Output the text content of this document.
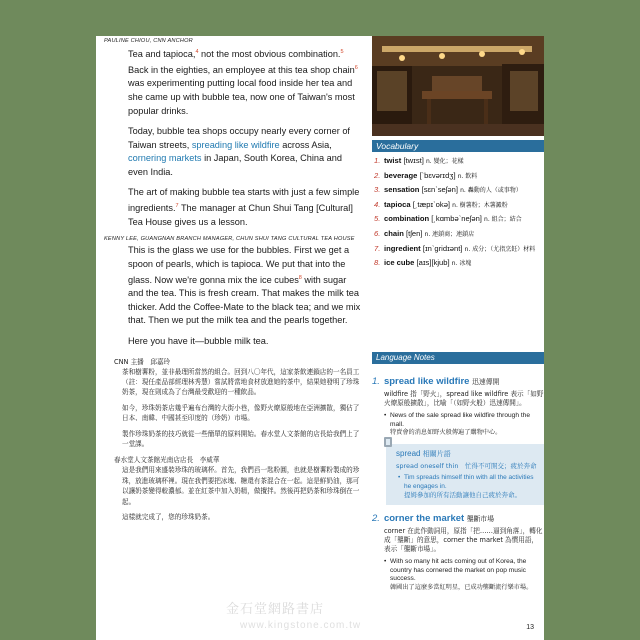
PAULINE CHIOU, CNN ANCHOR

Tea and tapioca,$^4$ not the most obvious combination.$^5$ Back in the eighties, an employee at this tea shop chain$^6$ was experimenting putting local food inside her tea and she came up with bubble tea, now one of Taiwan's most popular drinks.

Today, bubble tea shops occupy nearly every corner of Taiwan streets, spreading like wildfire across Asia, cornering markets in Japan, South Korea, China and even India.

The art of making bubble tea starts with just a few simple ingredients.$^7$ The manager at Chun Shui Tang [Cultural] Tea House gives us a lesson.

KENNY LEE, GUANGNAN BRANCH MANAGER, CHUN SHUI TANG CULTURAL TEA HOUSE

This is the glass we use for the bubbles. First we get a spoon of pearls, which is tapioca. We put that into the glass. Now we're gonna mix the ice cubes$^8$ with sugar and the tea. This is fresh cream. That makes the milk tea thicker. Add the Coffee-Mate to the black tea; and we mix that. Then we put the milk tea and the pearls together.

Here you have it—bubble milk tea.

CNN 主播　邱嘉玲

茶和樹薯粉，並非最理所當然的組合。回到八〇年代，這家茶飲連鎖店的一名員工（註：現任產品部經理林秀慧）嘗試將當地食材放進她的茶中，結果她發明了珍珠奶茶，現在則成為了台灣最受歡迎的一種飲品。

如今，珍珠奶茶店幾乎遍布台灣的大街小巷，像野火燎原般地在亞洲擴散，獨佔了日本、南韓、中國甚至印度的（珍奶）市場。

製作珍珠奶茶的技巧就從一些簡單的原料開始。春水堂人文茶館的店長給我們上了一堂課。

春水堂人文茶館光南店店長　李威華

這是我們用來盛裝珍珠的玻璃杯。首先，我們舀一匙粉圓，也就是樹薯粉製成的珍珠，放進玻璃杯裡。現在我們要把冰塊、糖還有茶混合在一起。這是鮮奶油，那可以讓奶茶變得較濃郁。並在紅茶中加入奶精，做攪拌。然後再把奶茶和珍珠倒在一起。

這樣就完成了，您的珍珠奶茶。

Vocabulary
1. twist [twɪst] n. 變化；花樣
2. beverage [ˋbɛvərɪdʒ] n. 飲料
3. sensation [sɛnˋseʃən] n. 轟動的人（或事物）
4. tapioca [͵tæpɪˋokə] n. 樹薯粉；木薯澱粉
5. combination [͵kɑmbəˋneʃən] n. 組合；結合
6. chain [tʃen] n. 連鎖商；連鎖店
7. ingredient [ɪnˋgridɪənt] n. 成分；（尤指烹飪）材料
8. ice cube [aɪs][kjub] n. 冰塊
Language Notes
1. spread like wildfire 迅速傳開
wildfire 指「野火」，spread like wildfire 表示「如野火燎原般擴散」，比喻「（如野火般）迅速傳開」。
• News of the sale spread like wildfire through the mall.
特賣會的消息如野火般傳遍了購物中心。
spread 相關片語
spread oneself thin　忙得不可開交；疲於奔命
• Tim spreads himself thin with all the activities he engages in.
提姆參加的所有活動讓他自己疲於奔命。
2. corner the market 壟斷市場
corner 在此作動詞用，原指「把……逼到角落」，轉化成「壟斷」的意思，corner the market 為慣用語，表示「壟斷市場」。
• With so many hit acts coming out of Korea, the country has cornered the market on pop music success.
韓國出了這麼多當紅明星，已成功壟斷流行樂市場。
13
金石堂網路書店
www.kingstone.com.tw
